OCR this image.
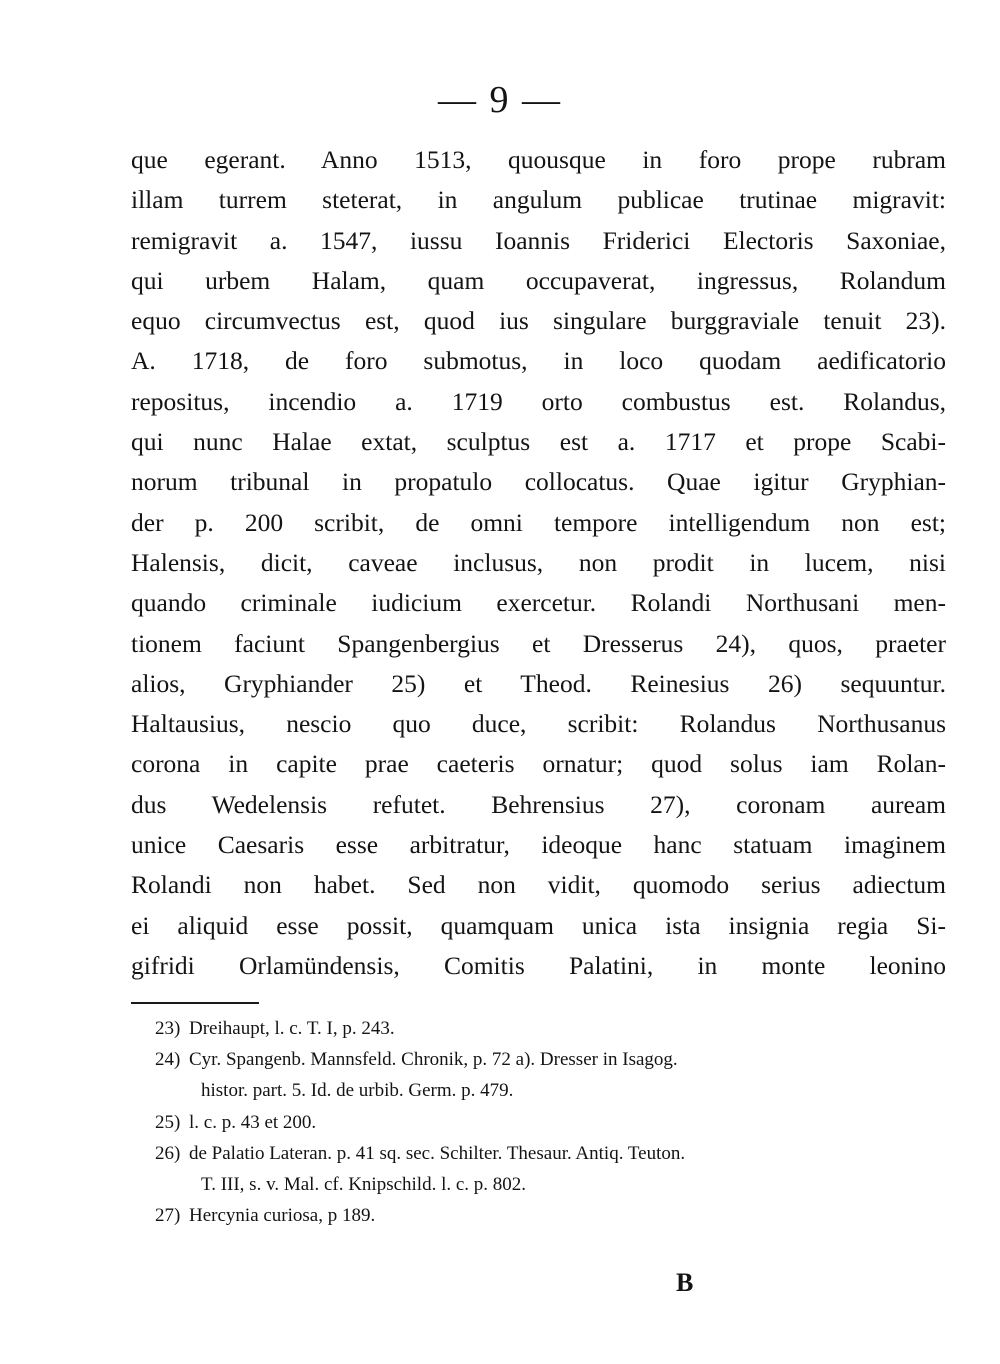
— 9 —
que egerant. Anno 1513, quousque in foro prope rubram
illam turrem steterat, in angulum publicae trutinae migravit:
remigravit a. 1547, iussu Ioannis Friderici Electoris Saxoniae,
qui urbem Halam, quam occupaverat, ingressus, Rolandum
equo circumvectus est, quod ius singulare burggraviale tenuit 23).
A. 1718, de foro submotus, in loco quodam aedificatorio
repositus, incendio a. 1719 orto combustus est. Rolandus,
qui nunc Halae extat, sculptus est a. 1717 et prope Scabi-
norum tribunal in propatulo collocatus. Quae igitur Gryphian-
der p. 200 scribit, de omni tempore intelligendum non est;
Halensis, dicit, caveae inclusus, non prodit in lucem, nisi
quando criminale iudicium exercetur. Rolandi Northusani men-
tionem faciunt Spangenbergius et Dresserus 24), quos, praeter
alios, Gryphiander 25) et Theod. Reinesius 26) sequuntur.
Haltausius, nescio quo duce, scribit: Rolandus Northusanus
corona in capite prae caeteris ornatur; quod solus iam Rolan-
dus Wedelensis refutet. Behrensius 27), coronam auream
unice Caesaris esse arbitratur, ideoque hanc statuam imaginem
Rolandi non habet. Sed non vidit, quomodo serius adiectum
ei aliquid esse possit, quamquam unica ista insignia regia Si-
gifridi Orlamündensis, Comitis Palatini, in monte leonino
23) Dreihaupt, l. c. T. I, p. 243.
24) Cyr. Spangenb. Mannsfeld. Chronik, p. 72 a). Dresser in Isagog.
histor. part. 5. Id. de urbib. Germ. p. 479.
25) l. c. p. 43 et 200.
26) de Palatio Lateran. p. 41 sq. sec. Schilter. Thesaur. Antiq. Teuton.
T. III, s. v. Mal. cf. Knipschild. l. c. p. 802.
27) Hercynia curiosa, p 189.
B
